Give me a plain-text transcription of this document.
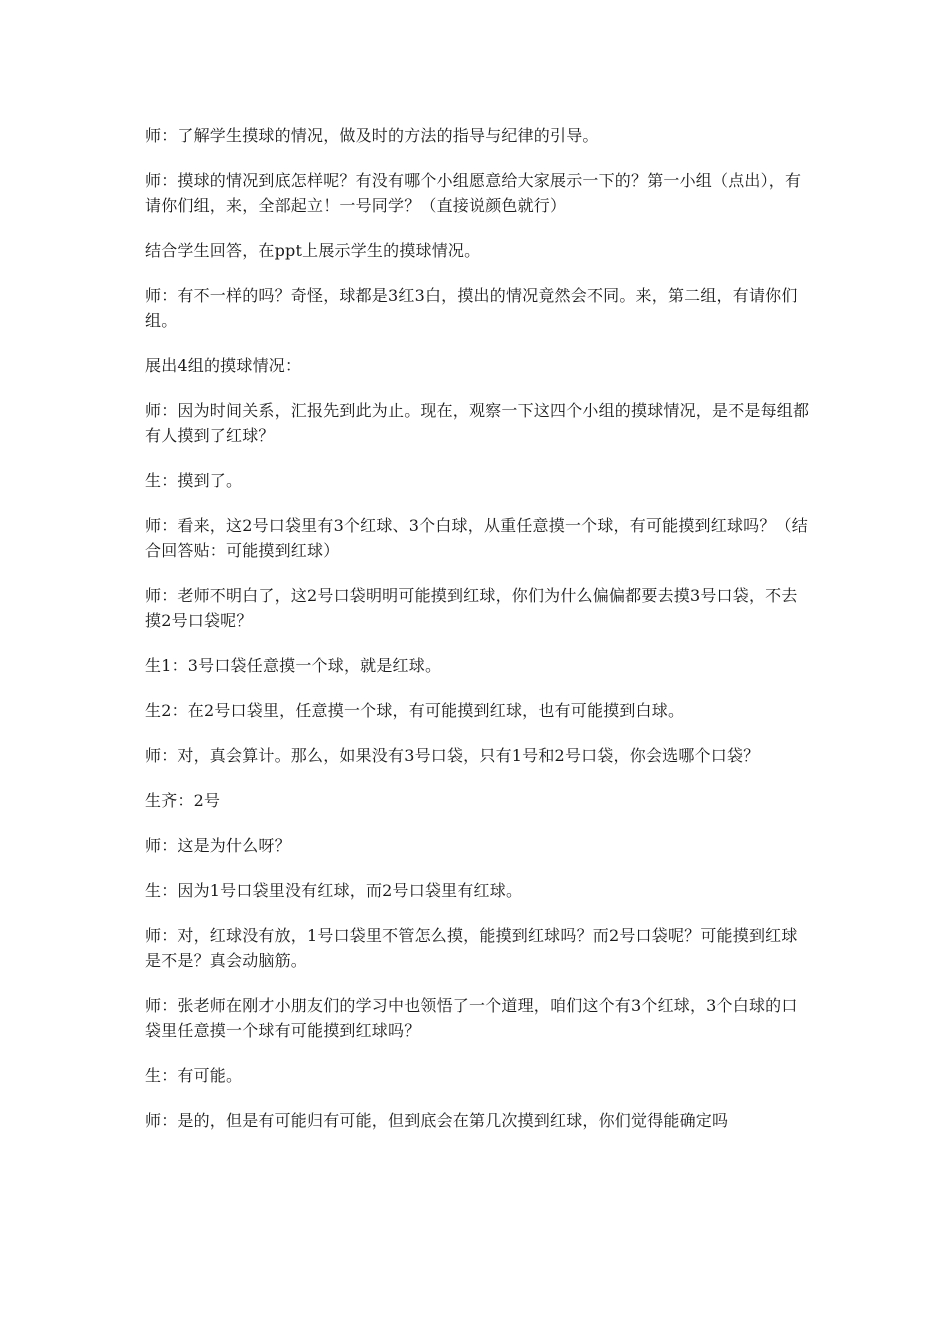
师：了解学生摸球的情况，做及时的方法的指导与纪律的引导。

师：摸球的情况到底怎样呢？有没有哪个小组愿意给大家展示一下的？第一小组（点出），有请你们组，来，全部起立！一号同学？（直接说颜色就行）

结合学生回答，在ppt上展示学生的摸球情况。

师：有不一样的吗？奇怪，球都是3红3白，摸出的情况竟然会不同。来，第二组，有请你们组。

展出4组的摸球情况：

师：因为时间关系，汇报先到此为止。现在，观察一下这四个小组的摸球情况，是不是每组都有人摸到了红球？

生：摸到了。

师：看来，这2号口袋里有3个红球、3个白球，从重任意摸一个球，有可能摸到红球吗？（结合回答贴：可能摸到红球）

师：老师不明白了，这2号口袋明明可能摸到红球，你们为什么偏偏都要去摸3号口袋，不去摸2号口袋呢？

生1：3号口袋任意摸一个球，就是红球。

生2：在2号口袋里，任意摸一个球，有可能摸到红球，也有可能摸到白球。

师：对，真会算计。那么，如果没有3号口袋，只有1号和2号口袋，你会选哪个口袋？

生齐：2号

师：这是为什么呀？

生：因为1号口袋里没有红球，而2号口袋里有红球。

师：对，红球没有放，1号口袋里不管怎么摸，能摸到红球吗？而2号口袋呢？可能摸到红球是不是？真会动脑筋。

师：张老师在刚才小朋友们的学习中也领悟了一个道理，咱们这个有3个红球，3个白球的口袋里任意摸一个球有可能摸到红球吗？

生：有可能。

师：是的，但是有可能归有可能，但到底会在第几次摸到红球，你们觉得能确定吗
